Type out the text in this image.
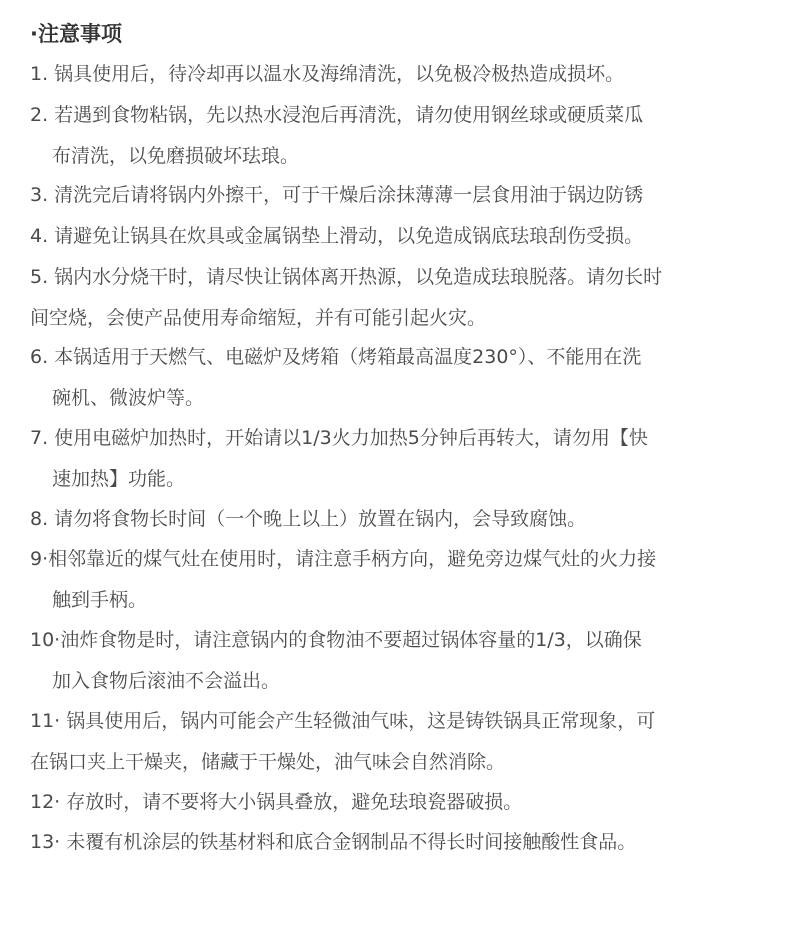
·注意事项
1. 锅具使用后，待冷却再以温水及海绵清洗，以免极冷极热造成损坏。
2. 若遇到食物粘锅，先以热水浸泡后再清洗，请勿使用钢丝球或硬质菜瓜
布清洗，以免磨损破坏珐琅。
3. 清洗完后请将锅内外擦干，可于干燥后涂抹薄薄一层食用油于锅边防锈
4. 请避免让锅具在炊具或金属锅垫上滑动，以免造成锅底珐琅刮伤受损。
5. 锅内水分烧干时，请尽快让锅体离开热源，以免造成珐琅脱落。请勿长时
间空烧，会使产品使用寿命缩短，并有可能引起火灾。
6. 本锅适用于天燃气、电磁炉及烤箱（烤箱最高温度230°）、不能用在洗
碗机、微波炉等。
7. 使用电磁炉加热时，开始请以1/3火力加热5分钟后再转大，请勿用【快
速加热】功能。
8. 请勿将食物长时间（一个晚上以上）放置在锅内，会导致腐蚀。
9·相邻靠近的煤气灶在使用时，请注意手柄方向，避免旁边煤气灶的火力接
触到手柄。
10·油炸食物是时，请注意锅内的食物油不要超过锅体容量的1/3，以确保
加入食物后滚油不会溢出。
11· 锅具使用后，锅内可能会产生轻微油气味，这是铸铁锅具正常现象，可
在锅口夹上干燥夹，储藏于干燥处，油气味会自然消除。
12· 存放时，请不要将大小锅具叠放，避免珐琅瓷器破损。
13· 未覆有机涂层的铁基材料和底合金钢制品不得长时间接触酸性食品。
